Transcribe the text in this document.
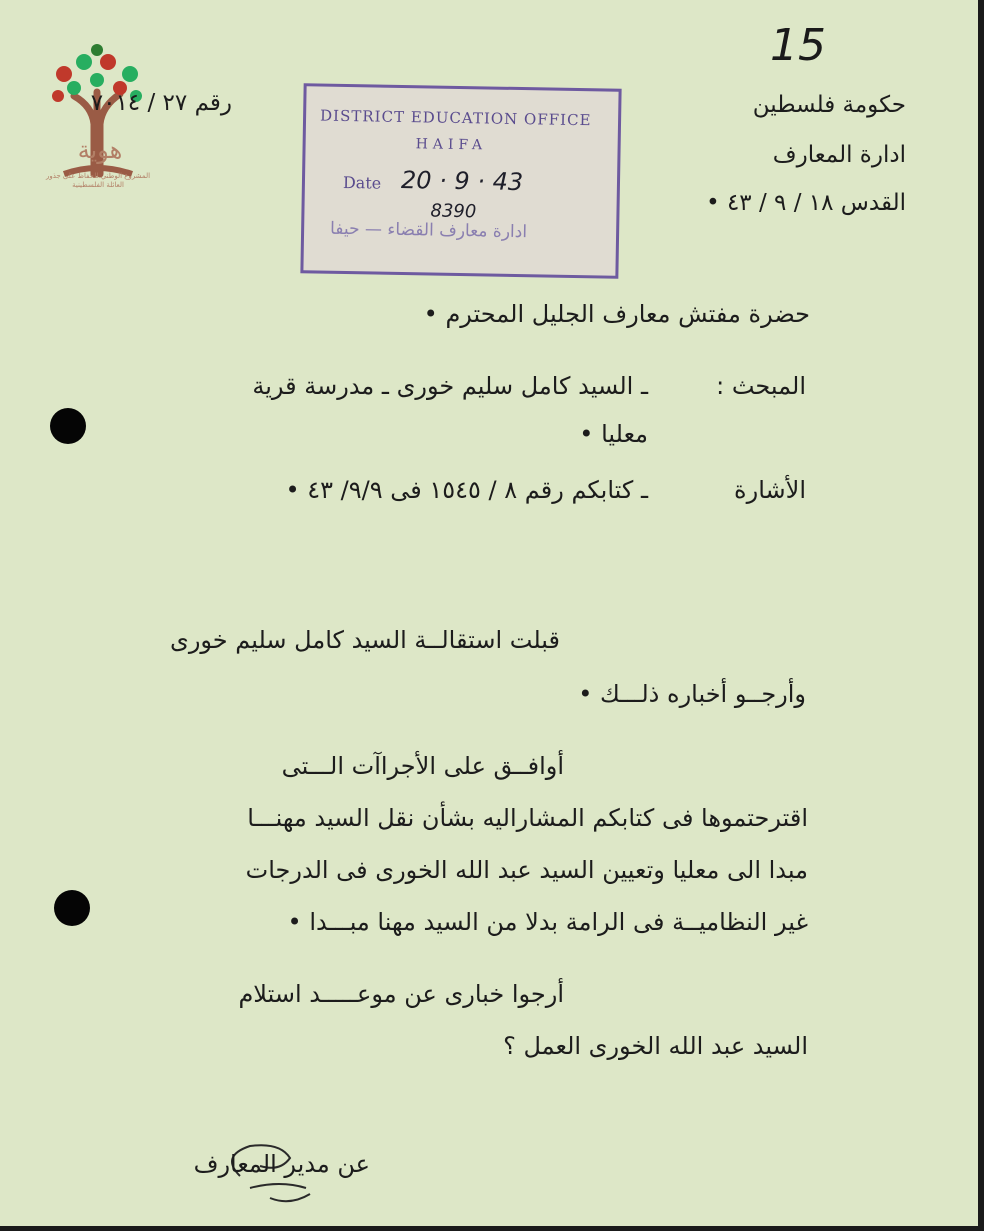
هوية
المشروع الوطني للحفاظ على جذور العائلة الفلسطينية
15
رقم ٢٧ / ٧٠١٤	حكومة فلسطين
ادارة المعارف
القدس ١٨ / ٩ / ٤٣ •
DISTRICT EDUCATION OFFICE
HAIFA
Date 20 · 9 · 43
8390
ادارة معارف القضاء — حيفا
حضرة مفتش معارف الجليل المحترم •
المبحث :
ـ السيد كامل سليم خورى ـ مدرسة قرية
معليا •
الأشارة
ـ كتابكم رقم ٨ / ١٥٤٥ فى ٩/٩/ ٤٣ •
قبلت استقالــة السيد كامل سليم خورى
وأرجــو أخباره ذلـــك •
أوافــق على الأجراآت الـــتى
اقترحتموها فى كتابكم المشاراليه بشأن نقل السيد مهنـــا
مبدا الى معليا وتعيين السيد عبد الله الخورى فى الدرجات
غير النظاميــة فى الرامة بدلا من السيد مهنا مبـــدا •
أرجوا خبارى عن موعـــــد استلام
السيد عبد الله الخورى العمل ؟
عن مدير المعارف
